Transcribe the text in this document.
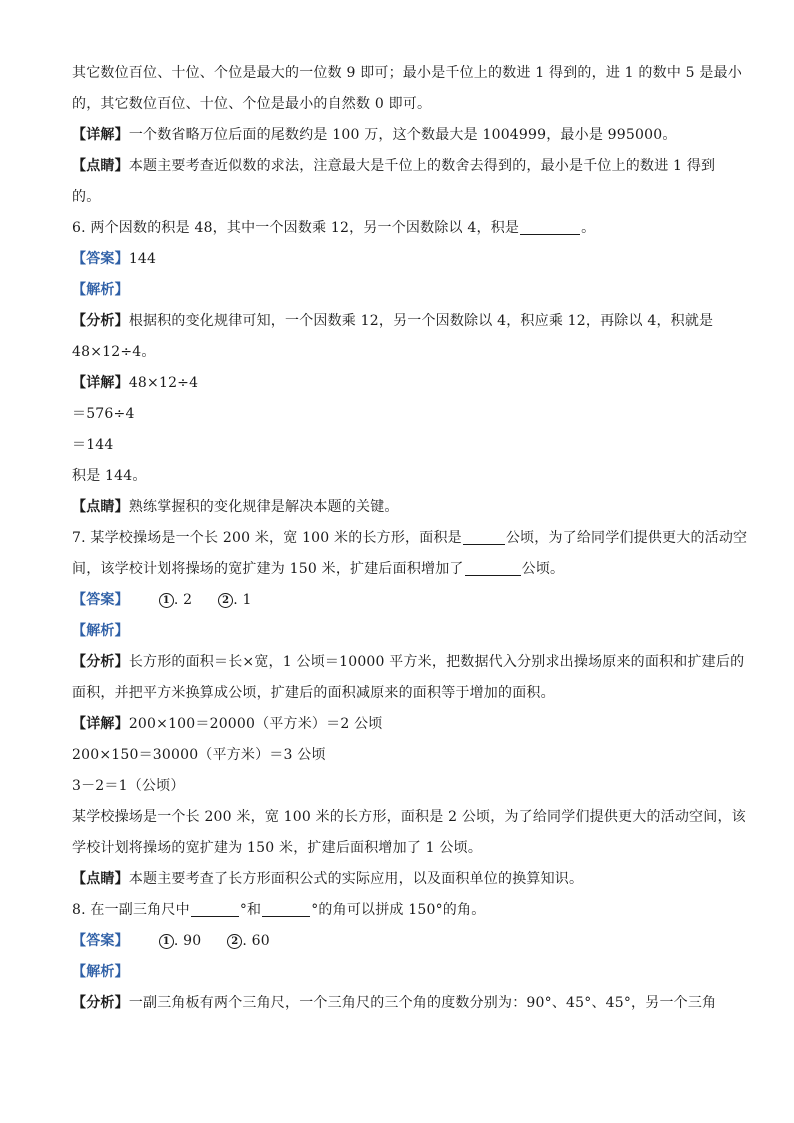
其它数位百位、十位、个位是最大的一位数 9 即可；最小是千位上的数进 1 得到的，进 1 的数中 5 是最小
的，其它数位百位、十位、个位是最小的自然数 0 即可。
【详解】一个数省略万位后面的尾数约是 100 万，这个数最大是 1004999，最小是 995000。
【点睛】本题主要考查近似数的求法，注意最大是千位上的数舍去得到的，最小是千位上的数进 1 得到
的。
6. 两个因数的积是 48，其中一个因数乘 12，另一个因数除以 4，积是	。
【答案】144
【解析】
【分析】根据积的变化规律可知，一个因数乘 12，另一个因数除以 4，积应乘 12，再除以 4，积就是
48×12÷4。
【详解】48×12÷4
＝576÷4
＝144
积是 144。
【点睛】熟练掌握积的变化规律是解决本题的关键。
7. 某学校操场是一个长 200 米，宽 100 米的长方形，面积是	公顷，为了给同学们提供更大的活动空
间，该学校计划将操场的宽扩建为 150 米，扩建后面积增加了	公顷。
【答案】	1 . 2	2 . 1
【解析】
【分析】长方形的面积＝长×宽，1 公顷＝10000 平方米，把数据代入分别求出操场原来的面积和扩建后的
面积，并把平方米换算成公顷，扩建后的面积减原来的面积等于增加的面积。
【详解】200×100＝20000（平方米）＝2 公顷
200×150＝30000（平方米）＝3 公顷
3－2＝1（公顷）
某学校操场是一个长 200 米，宽 100 米的长方形，面积是 2 公顷，为了给同学们提供更大的活动空间，该
学校计划将操场的宽扩建为 150 米，扩建后面积增加了 1 公顷。
【点睛】本题主要考查了长方形面积公式的实际应用，以及面积单位的换算知识。
8. 在一副三角尺中	°和	°的角可以拼成 150°的角。
【答案】	1 . 90	2 . 60
【解析】
【分析】一副三角板有两个三角尺，一个三角尺的三个角的度数分别为：90°、45°、45°，另一个三角
